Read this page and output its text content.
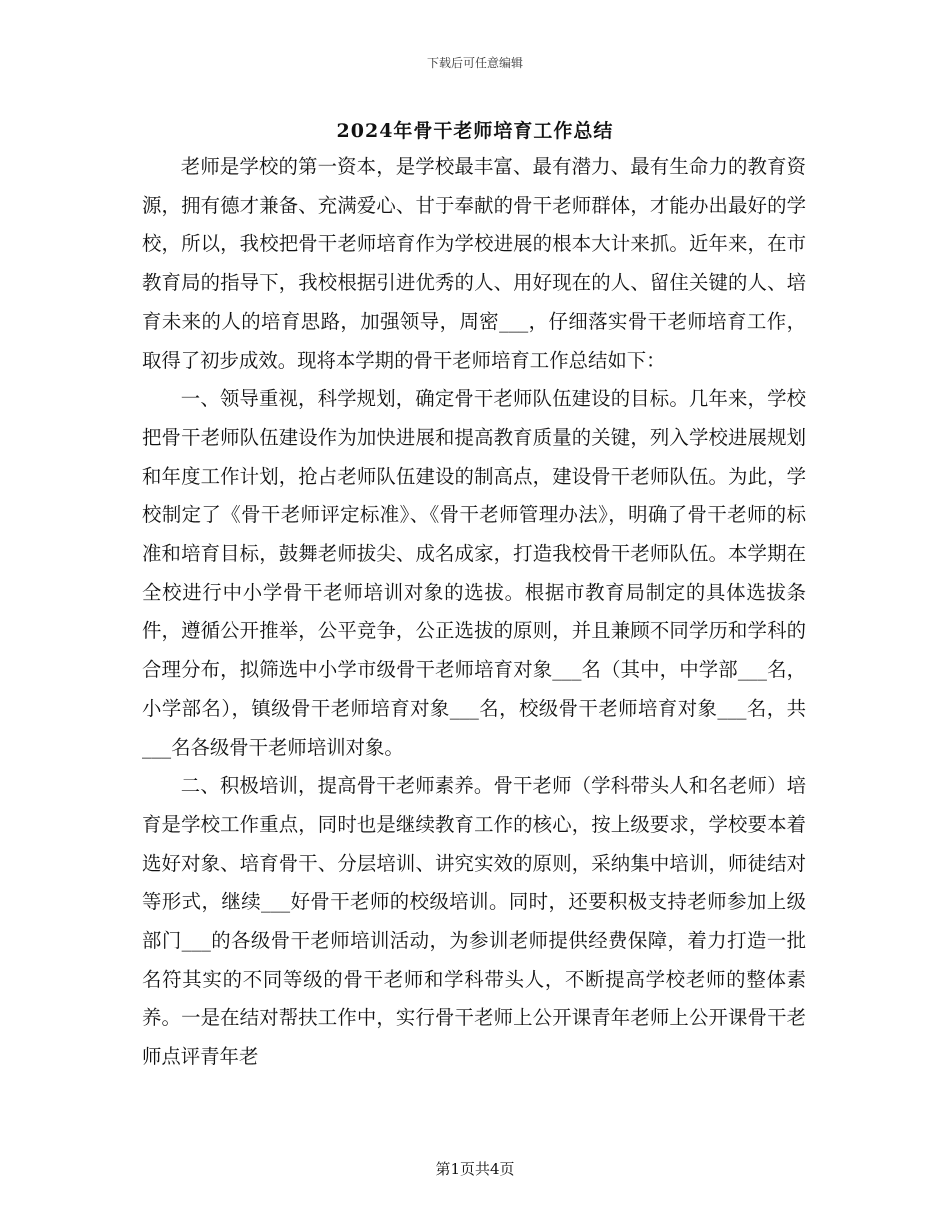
下载后可任意编辑
2024年骨干老师培育工作总结

老师是学校的第一资本，是学校最丰富、最有潜力、最有生命力的教育资源，拥有德才兼备、充满爱心、甘于奉献的骨干老师群体，才能办出最好的学校，所以，我校把骨干老师培育作为学校进展的根本大计来抓。近年来，在市教育局的指导下，我校根据引进优秀的人、用好现在的人、留住关键的人、培育未来的人的培育思路，加强领导，周密___，仔细落实骨干老师培育工作，取得了初步成效。现将本学期的骨干老师培育工作总结如下：

一、领导重视，科学规划，确定骨干老师队伍建设的目标。几年来，学校把骨干老师队伍建设作为加快进展和提高教育质量的关键，列入学校进展规划和年度工作计划，抢占老师队伍建设的制高点，建设骨干老师队伍。为此，学校制定了《骨干老师评定标准》、《骨干老师管理办法》，明确了骨干老师的标准和培育目标，鼓舞老师拔尖、成名成家，打造我校骨干老师队伍。本学期在全校进行中小学骨干老师培训对象的选拔。根据市教育局制定的具体选拔条件，遵循公开推举，公平竞争，公正选拔的原则，并且兼顾不同学历和学科的合理分布，拟筛选中小学市级骨干老师培育对象___名（其中，中学部___名，小学部名），镇级骨干老师培育对象___名，校级骨干老师培育对象___名，共___名各级骨干老师培训对象。

二、积极培训，提高骨干老师素养。骨干老师（学科带头人和名老师）培育是学校工作重点，同时也是继续教育工作的核心，按上级要求，学校要本着选好对象、培育骨干、分层培训、讲究实效的原则，采纳集中培训，师徒结对等形式，继续___好骨干老师的校级培训。同时，还要积极支持老师参加上级部门___的各级骨干老师培训活动，为参训老师提供经费保障，着力打造一批名符其实的不同等级的骨干老师和学科带头人，不断提高学校老师的整体素养。一是在结对帮扶工作中，实行骨干老师上公开课青年老师上公开课骨干老师点评青年老

第1页共4页
